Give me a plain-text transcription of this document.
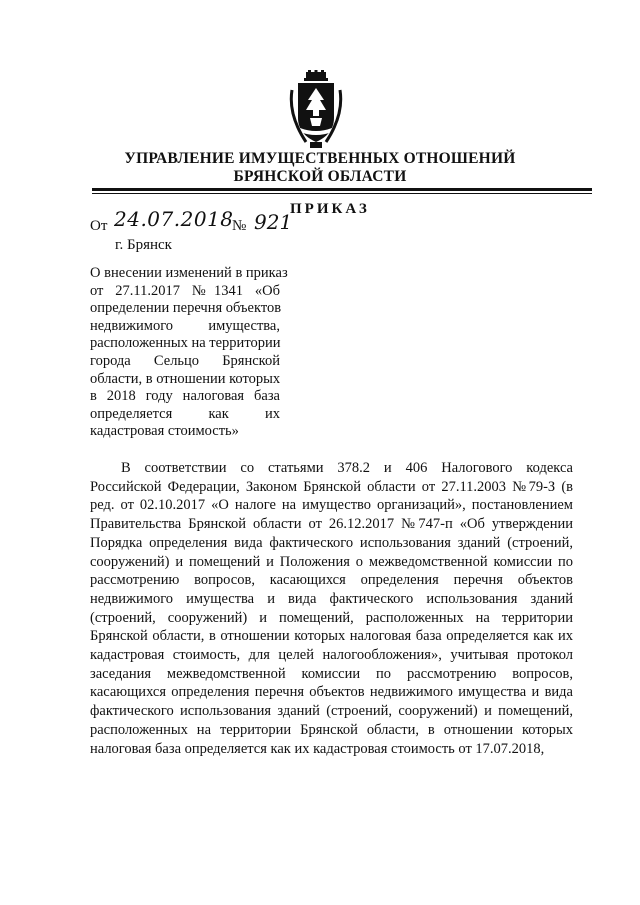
УПРАВЛЕНИЕ ИМУЩЕСТВЕННЫХ ОТНОШЕНИЙ
БРЯНСКОЙ ОБЛАСТИ
ПРИКАЗ
От 24.07.2018
№ 921
г. Брянск
О внесении изменений в приказ
от 27.11.2017 №1341 «Об
определении перечня объектов
недвижимого имущества,
расположенных на территории
города Сельцо Брянской
области, в отношении которых
в 2018 году налоговая база
определяется как их
кадастровая стоимость»
В соответствии со статьями 378.2 и 406 Налогового кодекса
Российской Федерации, Законом Брянской области от 27.11.2003 №79-З (в
ред. от 02.10.2017 «О налоге на имущество организаций», постановлением
Правительства Брянской области от 26.12.2017 №747-п «Об утверждении
Порядка определения вида фактического использования зданий (строений,
сооружений) и помещений и Положения о межведомственной комиссии по
рассмотрению вопросов, касающихся определения перечня объектов
недвижимого имущества и вида фактического использования зданий
(строений, сооружений) и помещений, расположенных на территории
Брянской области, в отношении которых налоговая база определяется как их
кадастровая стоимость, для целей налогообложения», учитывая протокол
заседания межведомственной комиссии по рассмотрению вопросов,
касающихся определения перечня объектов недвижимого имущества и вида
фактического использования зданий (строений, сооружений) и помещений,
расположенных на территории Брянской области, в отношении которых
налоговая база определяется как их кадастровая стоимость от 17.07.2018,
